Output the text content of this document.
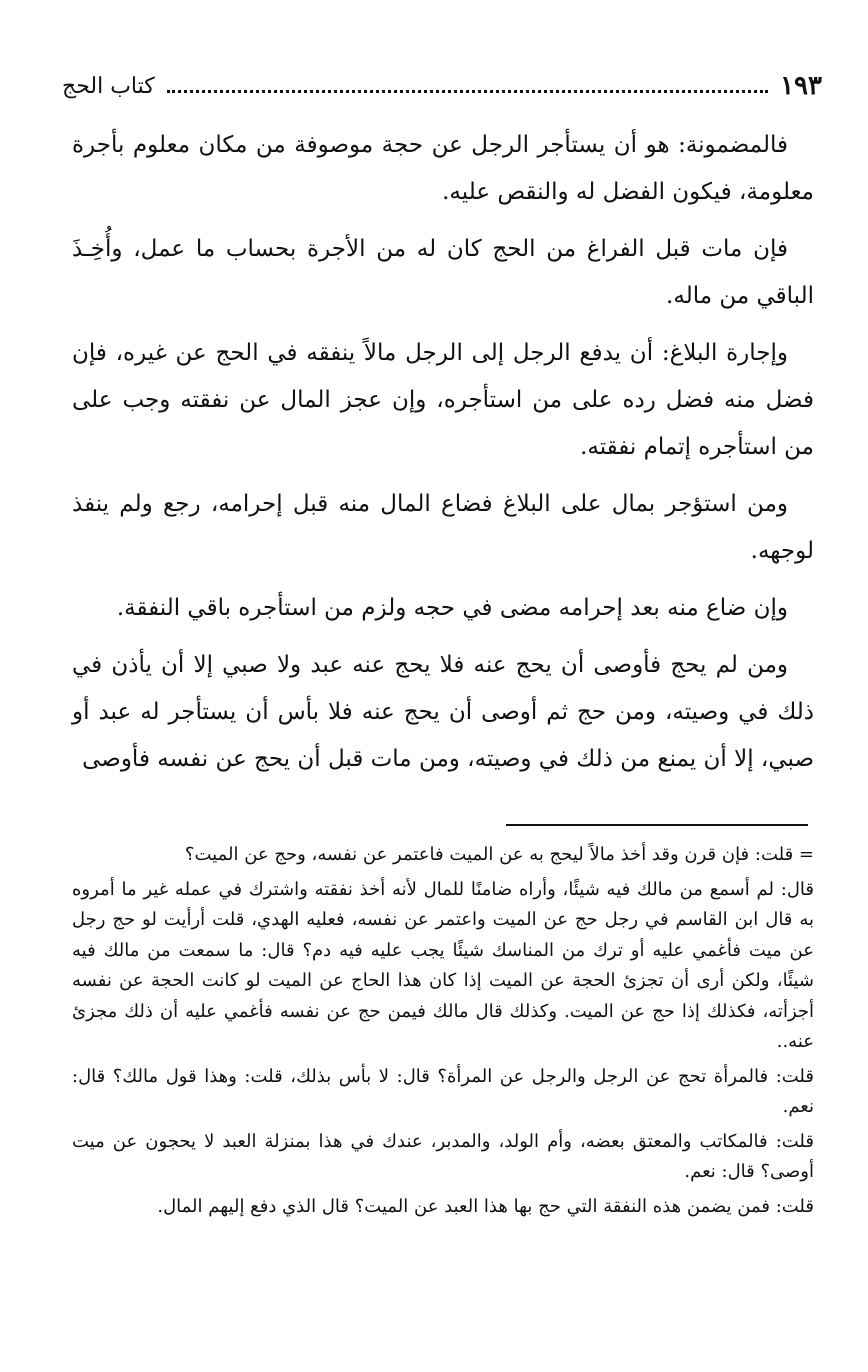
١٩٣
كتاب الحج

فالمضمونة: هو أن يستأجر الرجل عن حجة موصوفة من مكان معلوم بأجرة معلومة، فيكون الفضل له والنقص عليه.

فإن مات قبل الفراغ من الحج كان له من الأجرة بحساب ما عمل، وأُخِـذَ الباقي من ماله.

وإجارة البلاغ: أن يدفع الرجل إلى الرجل مالاً ينفقه في الحج عن غيره، فإن فضل منه فضل رده على من استأجره، وإن عجز المال عن نفقته وجب على من استأجره إتمام نفقته.

ومن استؤجر بمال على البلاغ فضاع المال منه قبل إحرامه، رجع ولم ينفذ لوجهه.

وإن ضاع منه بعد إحرامه مضى في حجه ولزم من استأجره باقي النفقة.

ومن لم يحج فأوصى أن يحج عنه فلا يحج عنه عبد ولا صبي إلا أن يأذن في ذلك في وصيته، ومن حج ثم أوصى أن يحج عنه فلا بأس أن يستأجر له عبد أو صبي، إلا أن يمنع من ذلك في وصيته، ومن مات قبل أن يحج عن نفسه فأوصى

= قلت: فإن قرن وقد أخذ مالاً ليحج به عن الميت فاعتمر عن نفسه، وحج عن الميت؟

قال: لم أسمع من مالك فيه شيئًا، وأراه ضامنًا للمال لأنه أخذ نفقته واشترك في عمله غير ما أمروه به قال ابن القاسم في رجل حج عن الميت واعتمر عن نفسه، فعليه الهدي، قلت أرأيت لو حج رجل عن ميت فأغمي عليه أو ترك من المناسك شيئًا يجب عليه فيه دم؟ قال: ما سمعت من مالك فيه شيئًا، ولكن أرى أن تجزئ الحجة عن الميت إذا كان هذا الحاج عن الميت لو كانت الحجة عن نفسه أجزأته، فكذلك إذا حج عن الميت. وكذلك قال مالك فيمن حج عن نفسه فأغمي عليه أن ذلك مجزئ عنه..

قلت: فالمرأة تحج عن الرجل والرجل عن المرأة؟ قال: لا بأس بذلك، قلت: وهذا قول مالك؟ قال: نعم.

قلت: فالمكاتب والمعتق بعضه، وأم الولد، والمدبر، عندك في هذا بمنزلة العبد لا يحجون عن ميت أوصى؟ قال: نعم.

قلت: فمن يضمن هذه النفقة التي حج بها هذا العبد عن الميت؟ قال الذي دفع إليهم المال.
